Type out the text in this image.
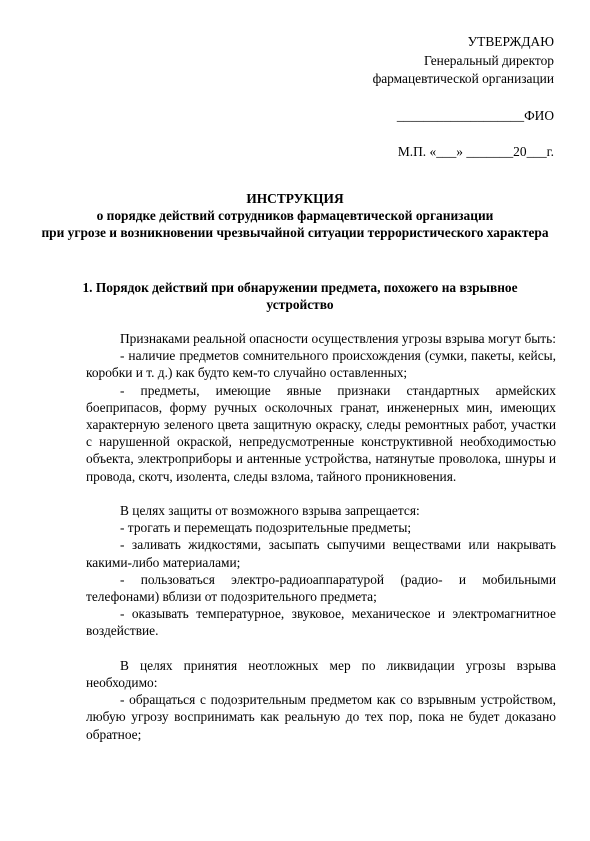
УТВЕРЖДАЮ
Генеральный директор
фармацевтической организации
___________________ФИО
М.П. «___» _______20___г.
ИНСТРУКЦИЯ
о порядке действий сотрудников фармацевтической организации
при угрозе и возникновении чрезвычайной ситуации террористического характера
1. Порядок действий при обнаружении предмета, похожего на взрывное устройство

Признаками реальной опасности осуществления угрозы взрыва могут быть:

- наличие предметов сомнительного происхождения (сумки, пакеты, кейсы, коробки и т. д.) как будто кем-то случайно оставленных;

- предметы, имеющие явные признаки стандартных армейских боеприпасов, форму ручных осколочных гранат, инженерных мин, имеющих характерную зеленого цвета защитную окраску, следы ремонтных работ, участки с нарушенной окраской, непредусмотренные конструктивной необходимостью объекта, электроприборы и антенные устройства, натянутые проволока, шнуры и провода, скотч, изолента, следы взлома, тайного проникновения.

В целях защиты от возможного взрыва запрещается:

- трогать и перемещать подозрительные предметы;

- заливать жидкостями, засыпать сыпучими веществами или накрывать какими-либо материалами;

- пользоваться электро-радиоаппаратурой (радио- и мобильными телефонами) вблизи от подозрительного предмета;

- оказывать температурное, звуковое, механическое и электромагнитное воздействие.

В целях принятия неотложных мер по ликвидации угрозы взрыва необходимо:

- обращаться с подозрительным предметом как со взрывным устройством, любую угрозу воспринимать как реальную до тех пор, пока не будет доказано обратное;
